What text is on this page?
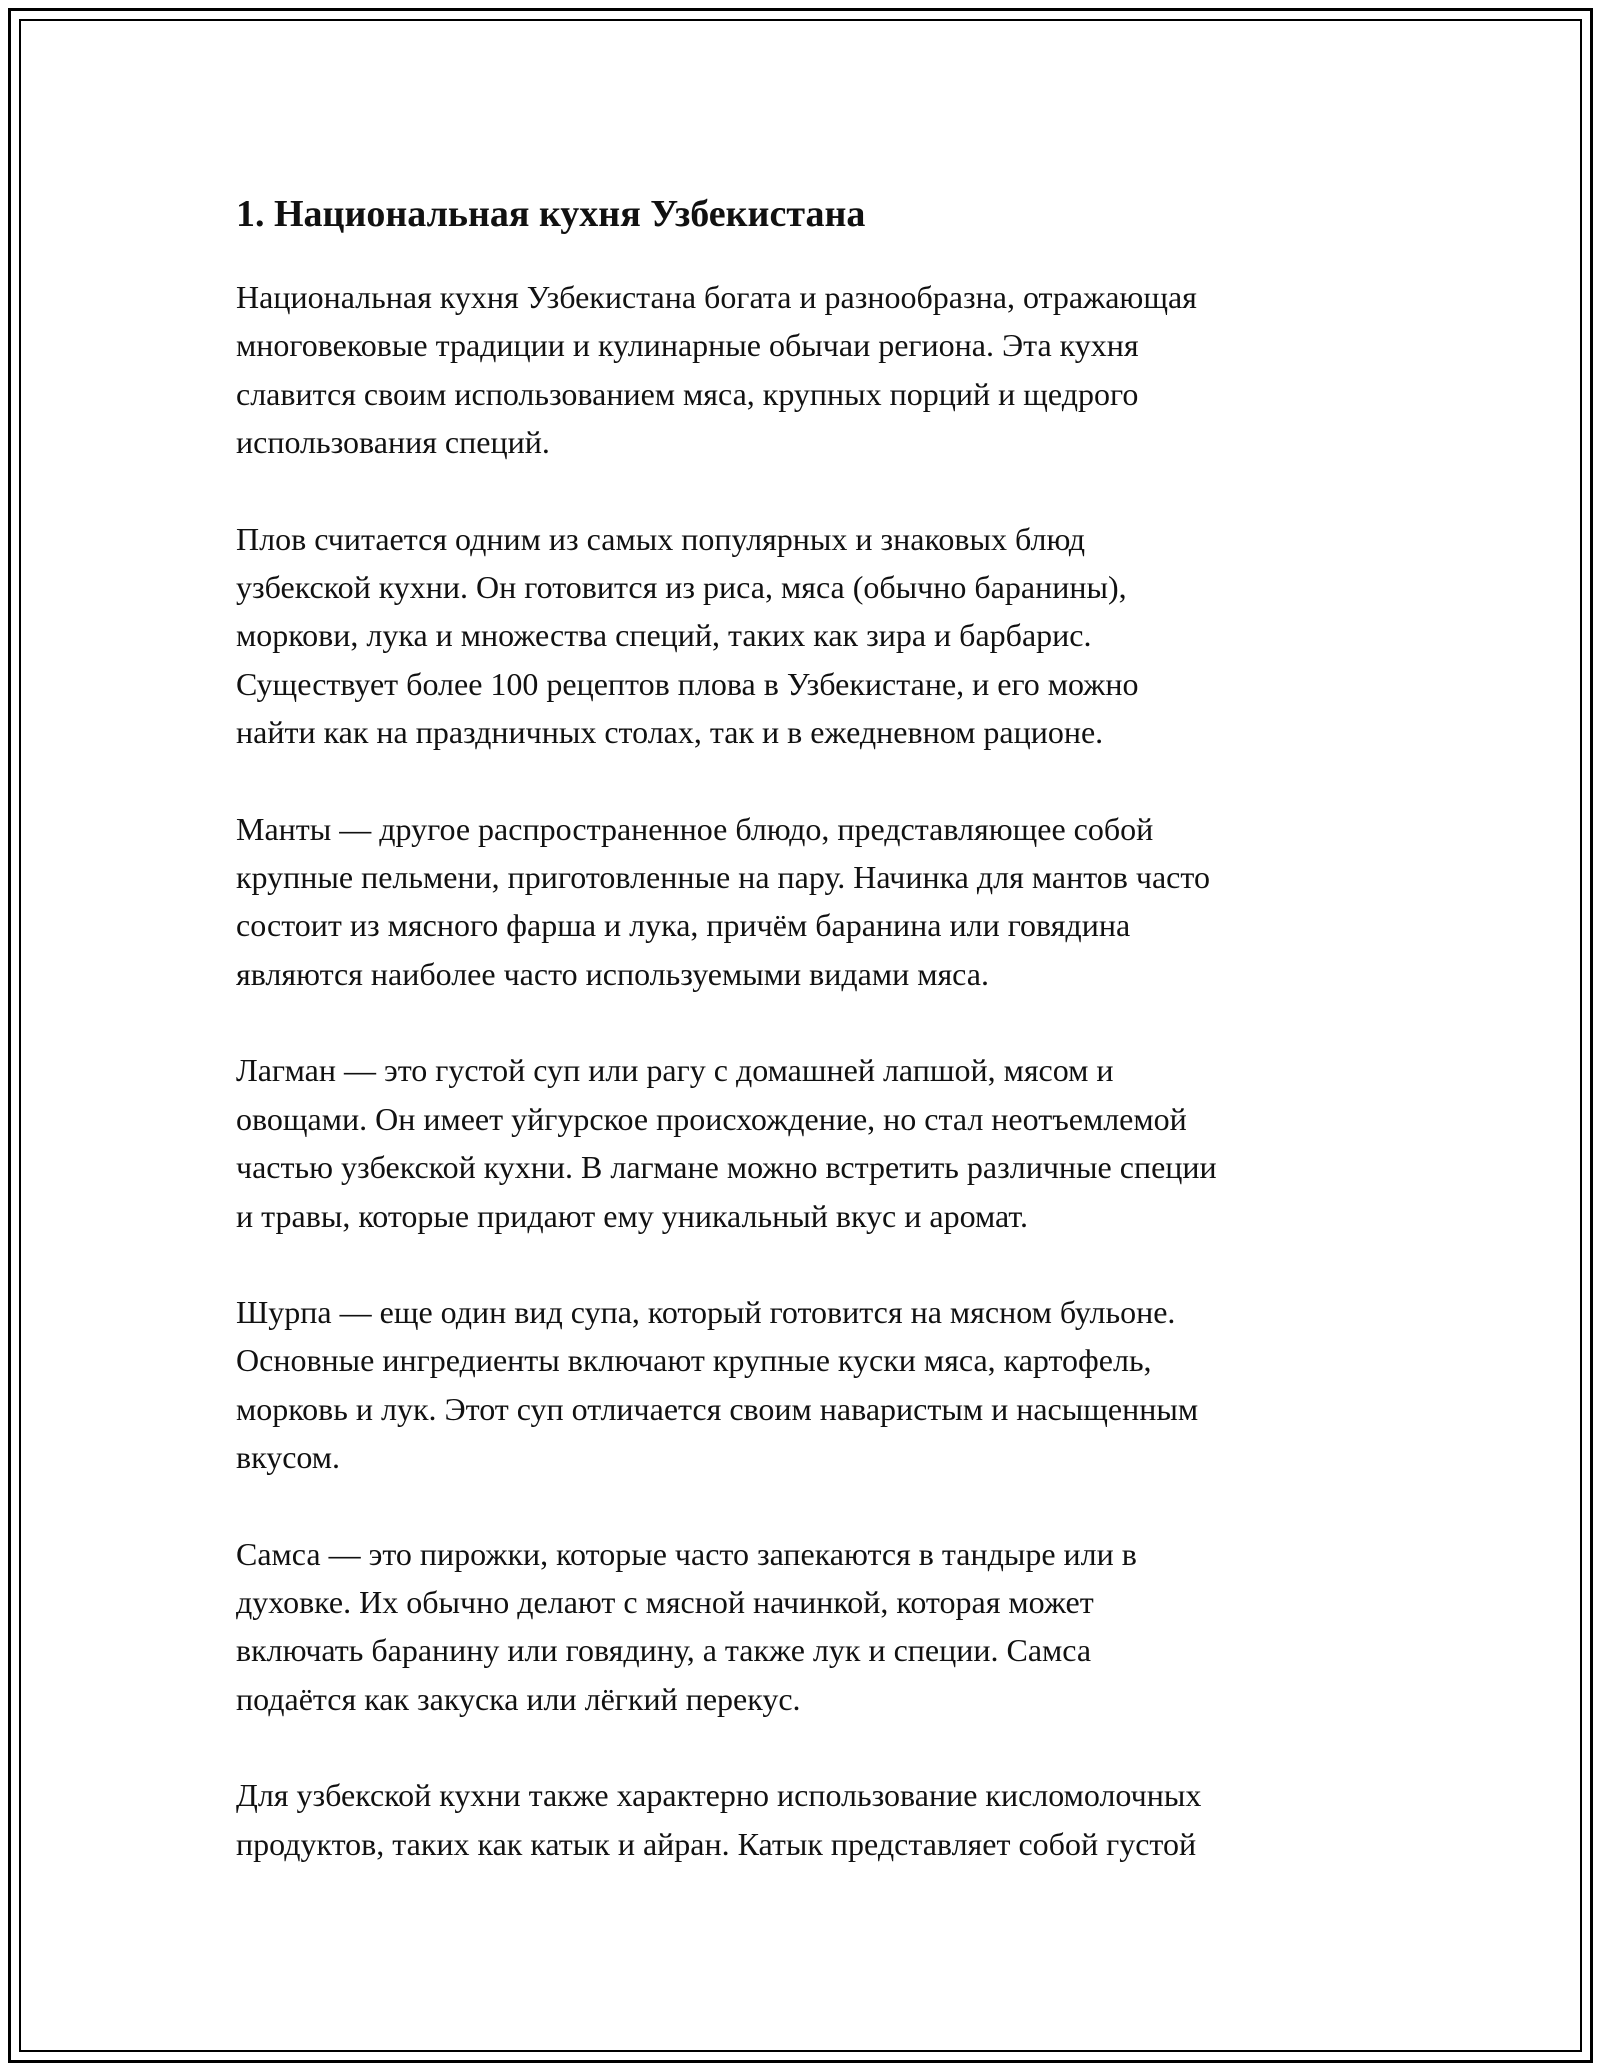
1. Национальная кухня Узбекистана

Национальная кухня Узбекистана богата и разнообразна, отражающая
многовековые традиции и кулинарные обычаи региона. Эта кухня
славится своим использованием мяса, крупных порций и щедрого
использования специй.

Плов считается одним из самых популярных и знаковых блюд
узбекской кухни. Он готовится из риса, мяса (обычно баранины),
моркови, лука и множества специй, таких как зира и барбарис.
Существует более 100 рецептов плова в Узбекистане, и его можно
найти как на праздничных столах, так и в ежедневном рационе.

Манты — другое распространенное блюдо, представляющее собой
крупные пельмени, приготовленные на пару. Начинка для мантов часто
состоит из мясного фарша и лука, причём баранина или говядина
являются наиболее часто используемыми видами мяса.

Лагман — это густой суп или рагу с домашней лапшой, мясом и
овощами. Он имеет уйгурское происхождение, но стал неотъемлемой
частью узбекской кухни. В лагмане можно встретить различные специи
и травы, которые придают ему уникальный вкус и аромат.

Шурпа — еще один вид супа, который готовится на мясном бульоне.
Основные ингредиенты включают крупные куски мяса, картофель,
морковь и лук. Этот суп отличается своим наваристым и насыщенным
вкусом.

Самса — это пирожки, которые часто запекаются в тандыре или в
духовке. Их обычно делают с мясной начинкой, которая может
включать баранину или говядину, а также лук и специи. Самса
подаётся как закуска или лёгкий перекус.

Для узбекской кухни также характерно использование кисломолочных
продуктов, таких как катык и айран. Катык представляет собой густой
